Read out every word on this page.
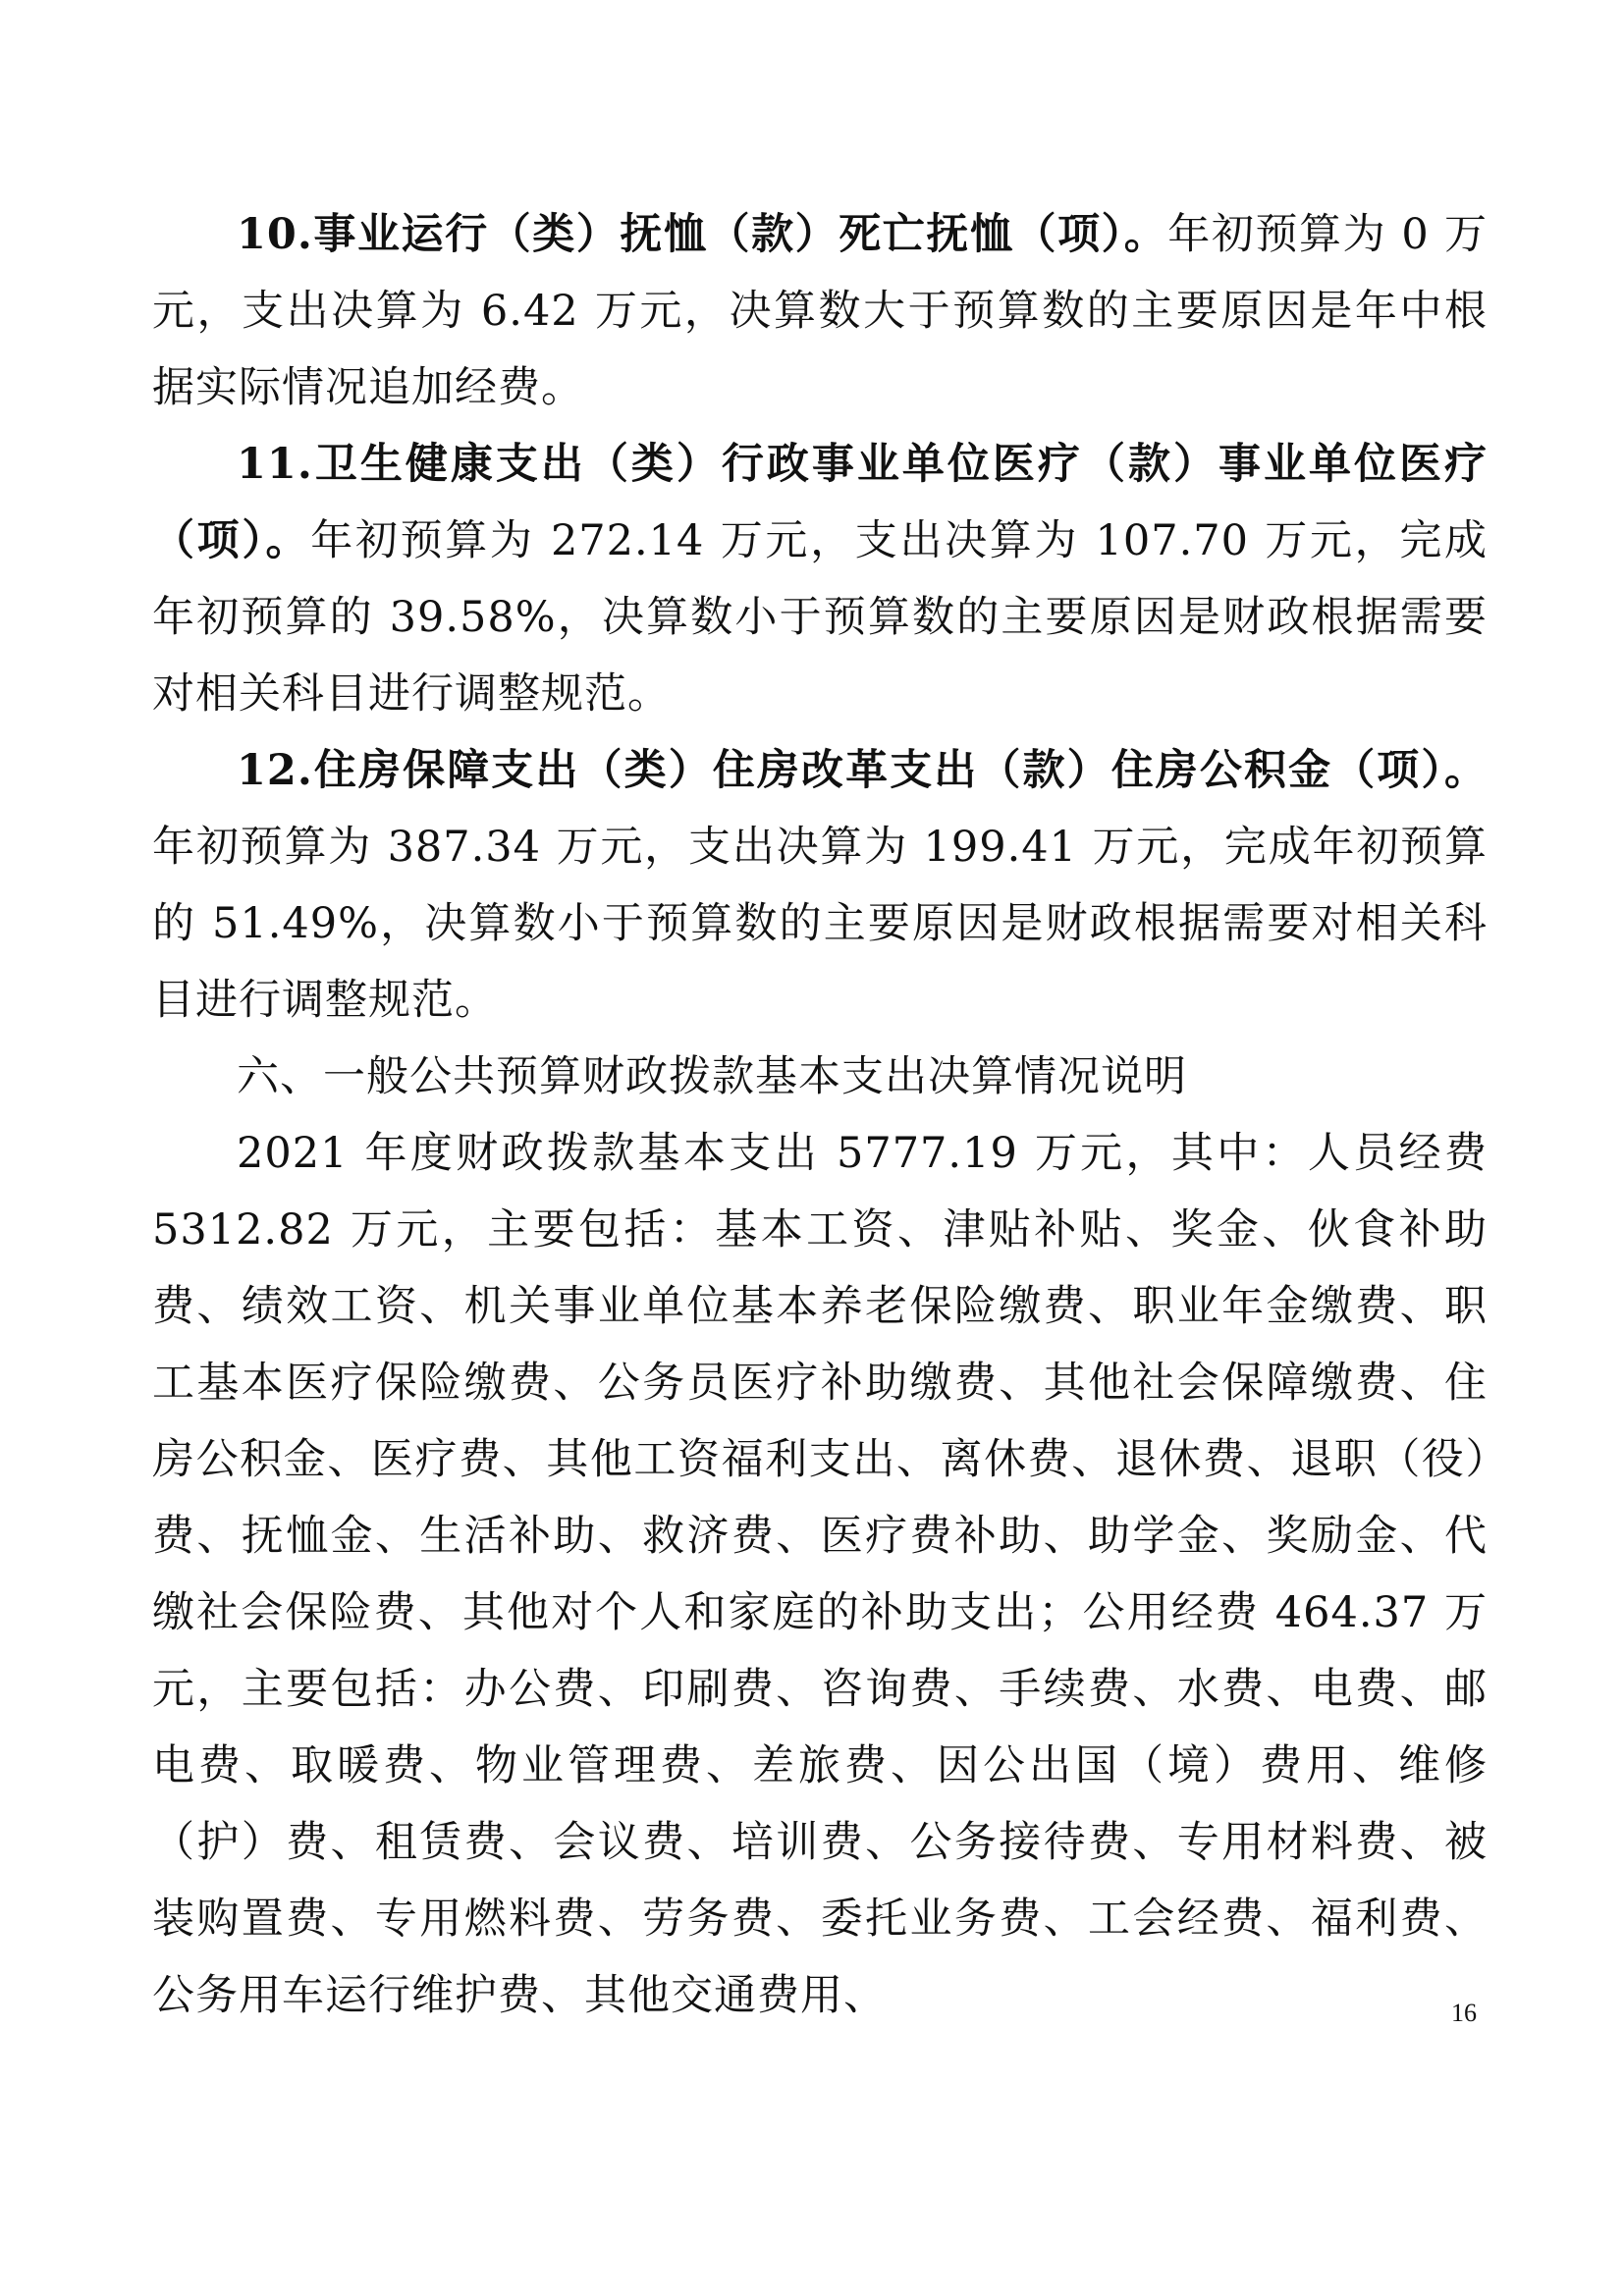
10.事业运行（类）抚恤（款）死亡抚恤（项）。年初预算为 0 万元，支出决算为 6.42 万元，决算数大于预算数的主要原因是年中根据实际情况追加经费。

11.卫生健康支出（类）行政事业单位医疗（款）事业单位医疗（项）。年初预算为 272.14 万元，支出决算为 107.70 万元，完成年初预算的 39.58%，决算数小于预算数的主要原因是财政根据需要对相关科目进行调整规范。

12.住房保障支出（类）住房改革支出（款）住房公积金（项）。年初预算为 387.34 万元，支出决算为 199.41 万元，完成年初预算的 51.49%，决算数小于预算数的主要原因是财政根据需要对相关科目进行调整规范。

六、一般公共预算财政拨款基本支出决算情况说明

2021 年度财政拨款基本支出 5777.19 万元，其中：人员经费 5312.82 万元，主要包括：基本工资、津贴补贴、奖金、伙食补助费、绩效工资、机关事业单位基本养老保险缴费、职业年金缴费、职工基本医疗保险缴费、公务员医疗补助缴费、其他社会保障缴费、住房公积金、医疗费、其他工资福利支出、离休费、退休费、退职（役）费、抚恤金、生活补助、救济费、医疗费补助、助学金、奖励金、代缴社会保险费、其他对个人和家庭的补助支出；公用经费 464.37 万元，主要包括：办公费、印刷费、咨询费、手续费、水费、电费、邮电费、取暖费、物业管理费、差旅费、因公出国（境）费用、维修（护）费、租赁费、会议费、培训费、公务接待费、专用材料费、被装购置费、专用燃料费、劳务费、委托业务费、工会经费、福利费、公务用车运行维护费、其他交通费用、	16
